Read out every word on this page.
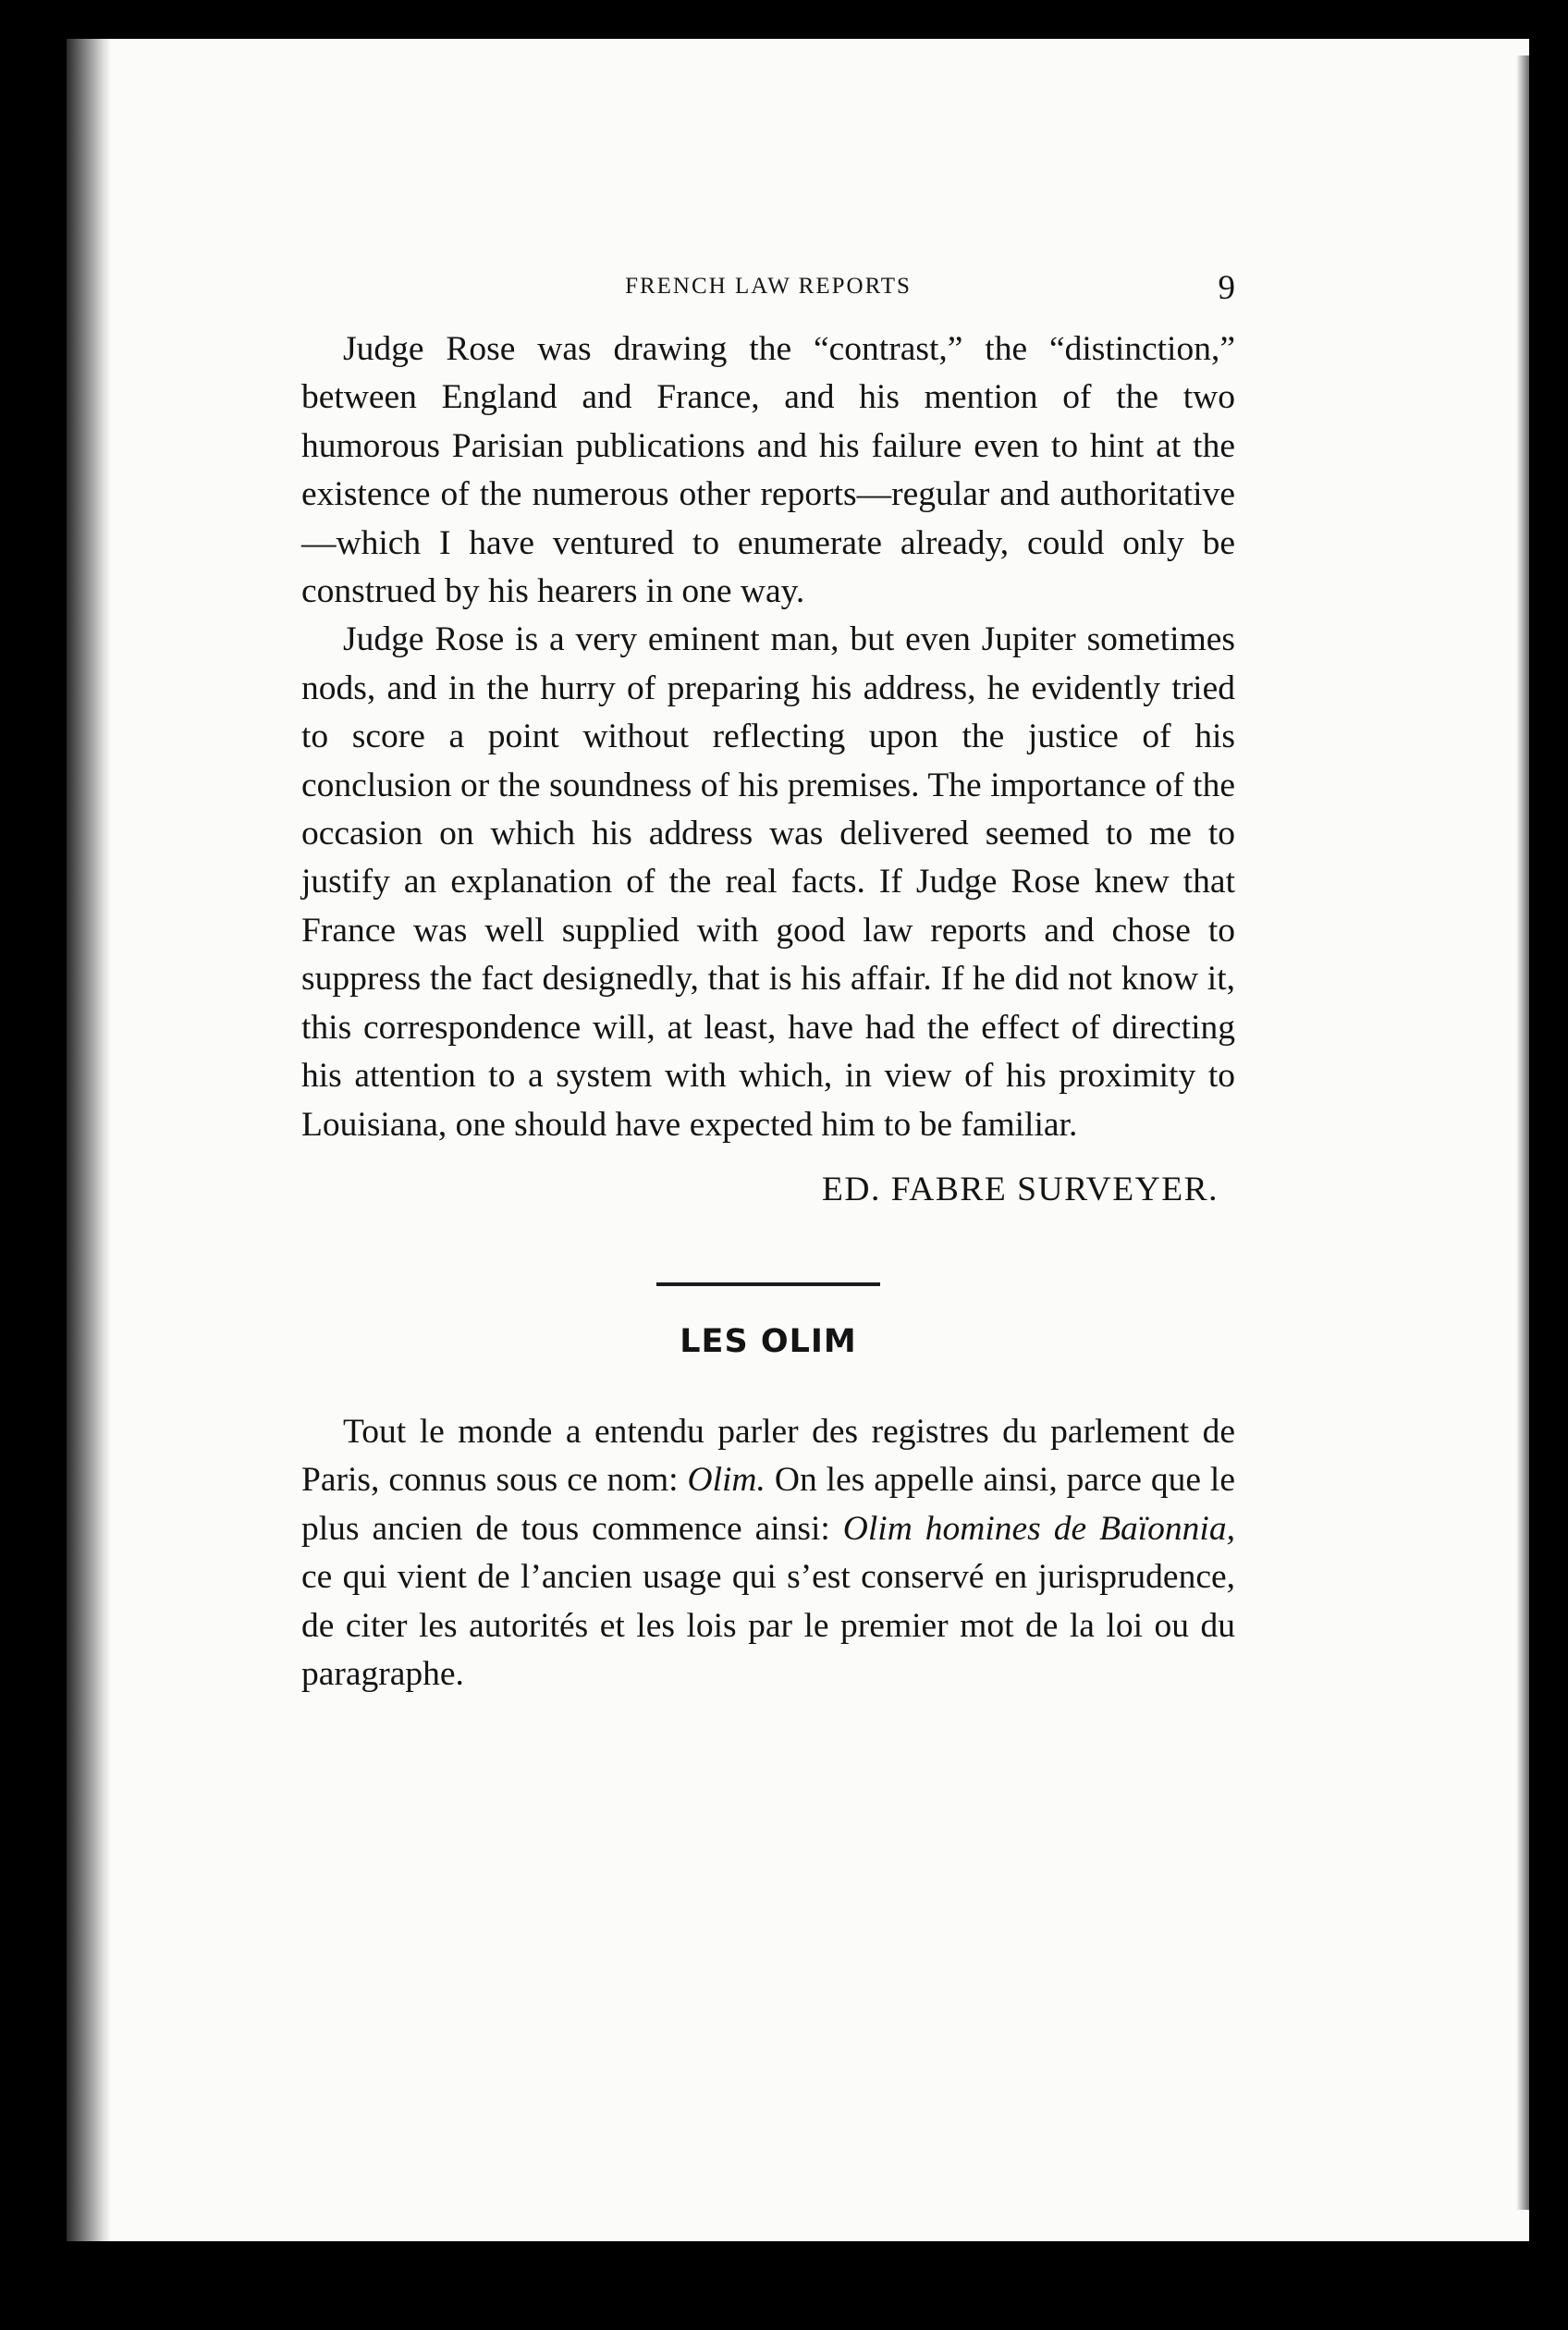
FRENCH LAW REPORTS	9

Judge Rose was drawing the “contrast,” the “distinction,” between England and France, and his mention of the two humorous Parisian publications and his failure even to hint at the existence of the numerous other reports—regular and authoritative—which I have ventured to enumerate already, could only be construed by his hearers in one way.

Judge Rose is a very eminent man, but even Jupiter sometimes nods, and in the hurry of preparing his address, he evidently tried to score a point without reflecting upon the justice of his conclusion or the soundness of his premises. The importance of the occasion on which his address was delivered seemed to me to justify an explanation of the real facts. If Judge Rose knew that France was well supplied with good law reports and chose to suppress the fact designedly, that is his affair. If he did not know it, this correspondence will, at least, have had the effect of directing his attention to a system with which, in view of his proximity to Louisiana, one should have expected him to be familiar.

ED. FABRE SURVEYER.
LES OLIM

Tout le monde a entendu parler des registres du parlement de Paris, connus sous ce nom: Olim. On les appelle ainsi, parce que le plus ancien de tous commence ainsi: Olim homines de Baïonnia, ce qui vient de l’ancien usage qui s’est conservé en jurisprudence, de citer les autorités et les lois par le premier mot de la loi ou du paragraphe.
